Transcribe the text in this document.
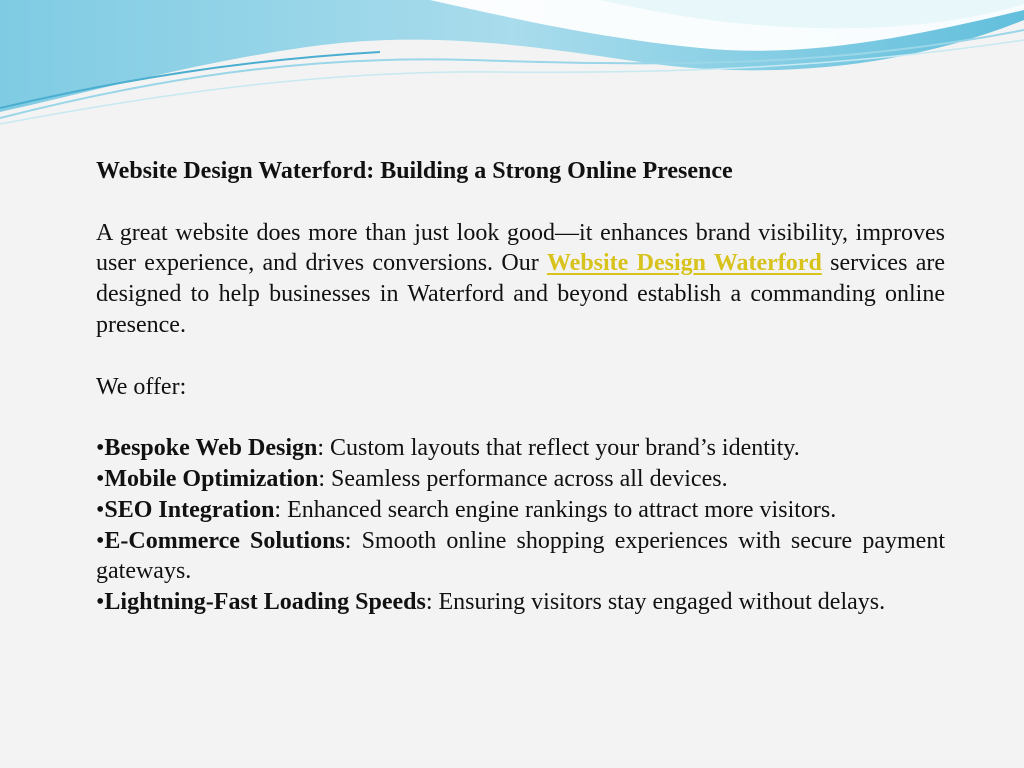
Website Design Waterford: Building a Strong Online Presence

A great website does more than just look good—it enhances brand visibility, improves user experience, and drives conversions. Our Website Design Waterford services are designed to help businesses in Waterford and beyond establish a commanding online presence.

We offer:

•Bespoke Web Design: Custom layouts that reflect your brand’s identity.

•Mobile Optimization: Seamless performance across all devices.

•SEO Integration: Enhanced search engine rankings to attract more visitors.

•E-Commerce Solutions: Smooth online shopping experiences with secure payment gateways.

•Lightning-Fast Loading Speeds: Ensuring visitors stay engaged without delays.
